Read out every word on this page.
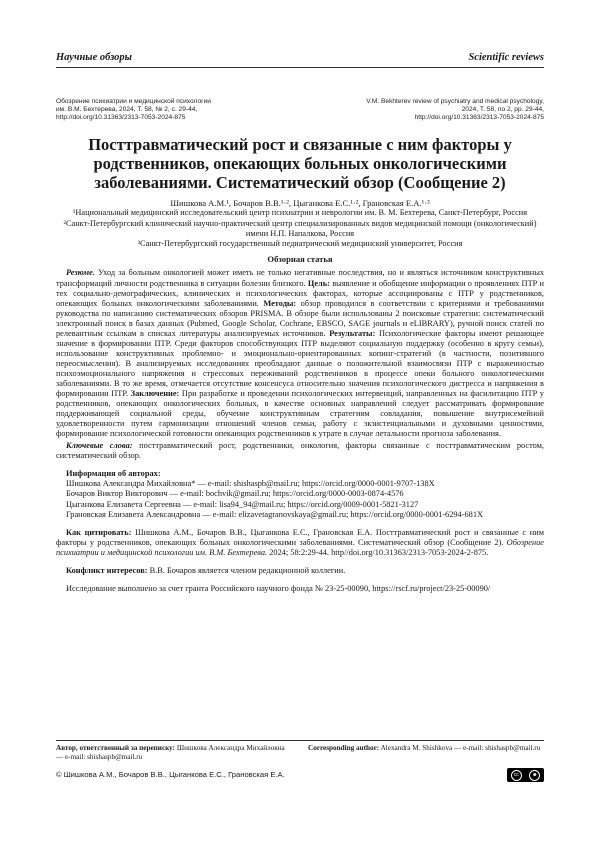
Научные обзоры	Scientific reviews
Обозрение психиатрии и медицинской психологии
им. В.М. Бехтерева, 2024, Т. 58, № 2, с. 29-44,
http://doi.org/10.31363/2313-7053-2024-875
V.M. Bekhterev review of psychiatry and medical psychology,
2024, T. 58, no 2, pp. 29-44,
http://doi.org/10.31363/2313-7053-2024-875
Посттравматический рост и связанные с ним факторы у родственников, опекающих больных онкологическими заболеваниями. Систематический обзор (Сообщение 2)
Шишкова А.М.¹, Бочаров В.В.¹·², Цыганкова Е.С.¹·², Грановская Е.А.¹·³
¹Национальный медицинский исследовательский центр психиатрии и неврологии им. В. М. Бехтерева, Санкт-Петербург, Россия
²Санкт-Петербургский клинический научно-практический центр специализированных видов медицинской помощи (онкологический) имени Н.П. Напалкова, Россия
³Санкт-Петербургский государственный педиатрический медицинский университет, Россия
Обзорная статья

Резюме. Уход за больным онкологией может иметь не только негативные последствия, но и являться источником конструктивных трансформаций личности родственника в ситуации болезни близкого. Цель: выявление и обобщение информации о проявлениях ПТР и тех социально-демографических, клинических и психологических факторах, которые ассоциированы с ПТР у родственников, опекающих больных онкологическими заболеваниями. Методы: обзор проводился в соответствии с критериями и требованиями руководства по написанию систематических обзоров PRISMA. В обзоре были использованы 2 поисковые стратегии: систематический электронный поиск в базах данных (Pubmed, Google Scholar, Cochrane, EBSCO, SAGE journals и eLIBRARY), ручной поиск статей по релевантным ссылкам в списках литературы анализируемых источников. Результаты: Психологические факторы имеют решающее значение в формировании ПТР. Среди факторов способствующих ПТР выделяют социальную поддержку (особенно в кругу семьи), использование конструктивных проблемно- и эмоционально-ориентированных копинг-стратегий (в частности, позитивного переосмысления). В анализируемых исследованиях преобладают данные о положительной взаимосвязи ПТР с выраженностью психоэмоционального напряжения и стрессовых переживаний родственников в процессе опеки больного онкологическими заболеваниями. В то же время, отмечается отсутствие консенсуса относительно значения психологического дистресса и напряжения в формировании ПТР. Заключение: При разработке и проведении психологических интервенций, направленных на фасилитацию ПТР у родственников, опекающих онкологических больных, в качестве основных направлений следует рассматривать формирование поддерживающей социальной среды, обучение конструктивным стратегиям совладания, повышение внутрисемейной удовлетворенности путем гармонизации отношений членов семьи, работу с экзистенциальными и духовными ценностями, формирование психологической готовности опекающих родственников к утрате в случае летальности прогноза заболевания.

Ключевые слова: посттравматический рост, родственники, онкология, факторы связанные с посттравматическим ростом, систематический обзор.

Информация об авторах:

Шишкова Александра Михайловна* — e-mail: shishaspb@mail.ru; https://orcid.org/0000-0001-9707-138X

Бочаров Виктор Викторович — e-mail: bochvik@gmail.ru; https://orcid.org/0000-0003-0874-4576

Цыганкова Елизавета Сергеевна — e-mail: lisa94_94@mail.ru; https://orcid.org/0009-0001-5821-3127

Грановская Елизавета Александровна — e-mail: elizavetagranovskaya@gmail.ru; https://orcid.org/0000-0001-6294-681X

Как цитировать: Шишкова А.М., Бочаров В.В., Цыганкова Е.С., Грановская Е.А. Посттравматический рост и связанные с ним факторы у родственников, опекающих больных онкологическими заболеваниями. Систематический обзор (Сообщение 2). Обозрение психиатрии и медицинской психологии им. В.М. Бехтерева. 2024; 58:2:29-44. http//doi.org/10.31363/2313-7053-2024-2-875.
Конфликт интересов: В.В. Бочаров является членом редакционной коллегии.
Исследование выполнено за счет гранта Российского научного фонда № 23-25-00090, https://rscf.ru/project/23-25-00090/
Автор, ответственный за переписку: Шишкова Александра Михайловна — e-mail: shishaspb@mail.ru
Corresponding author: Alexandra M. Shishkova — e-mail: shishaspb@mail.ru
© Шишкова А.М., Бочаров В.В., Цыганкова Е.С., Грановская Е.А.	cc	☻
